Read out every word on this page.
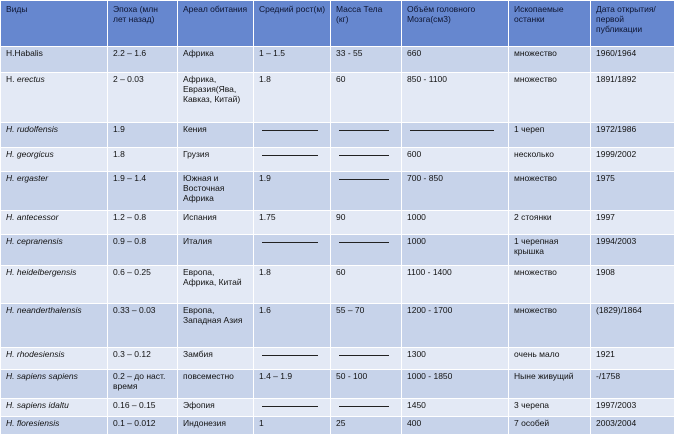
Виды	Эпоха (млн лет назад)	Ареал обитания	Средний рост(м)	Масса Тела (кг)	Объём головного Мозга(см3)	Ископаемые останки	Дата открытия/первой публикации
H.Habalis	2.2 – 1.6	Африка	1 – 1.5	33 - 55	660	множество	1960/1964
H. erectus	2 – 0.03	Африка, Евразия(Ява, Кавказ, Китай)	1.8	60	850 - 1100	множество	1891/1892
H. rudolfensis	1.9	Кения				1 череп	1972/1986
H. georgicus	1.8	Грузия			600	несколько	1999/2002
H. ergaster	1.9 – 1.4	Южная и Восточная Африка	1.9		700 - 850	множество	1975
H. antecessor	1.2 – 0.8	Испания	1.75	90	1000	2 стоянки	1997
H. cepranensis	0.9 – 0.8	Италия			1000	1 черепная крышка	1994/2003
H. heidelbergensis	0.6 – 0.25	Европа, Африка, Китай	1.8	60	1100 - 1400	множество	1908
H. neanderthalensis	0.33 – 0.03	Европа, Западная Азия	1.6	55 – 70	1200 - 1700	множество	(1829)/1864
H. rhodesiensis	0.3 – 0.12	Замбия			1300	очень мало	1921
H. sapiens sapiens	0.2 – до наст. время	повсеместно	1.4 – 1.9	50 - 100	1000 - 1850	Ныне живущий	-/1758
H. sapiens idaltu	0.16 – 0.15	Эфопия			1450	3 черепа	1997/2003
H. floresiensis	0.1 – 0.012	Индонезия	1	25	400	7 особей	2003/2004
